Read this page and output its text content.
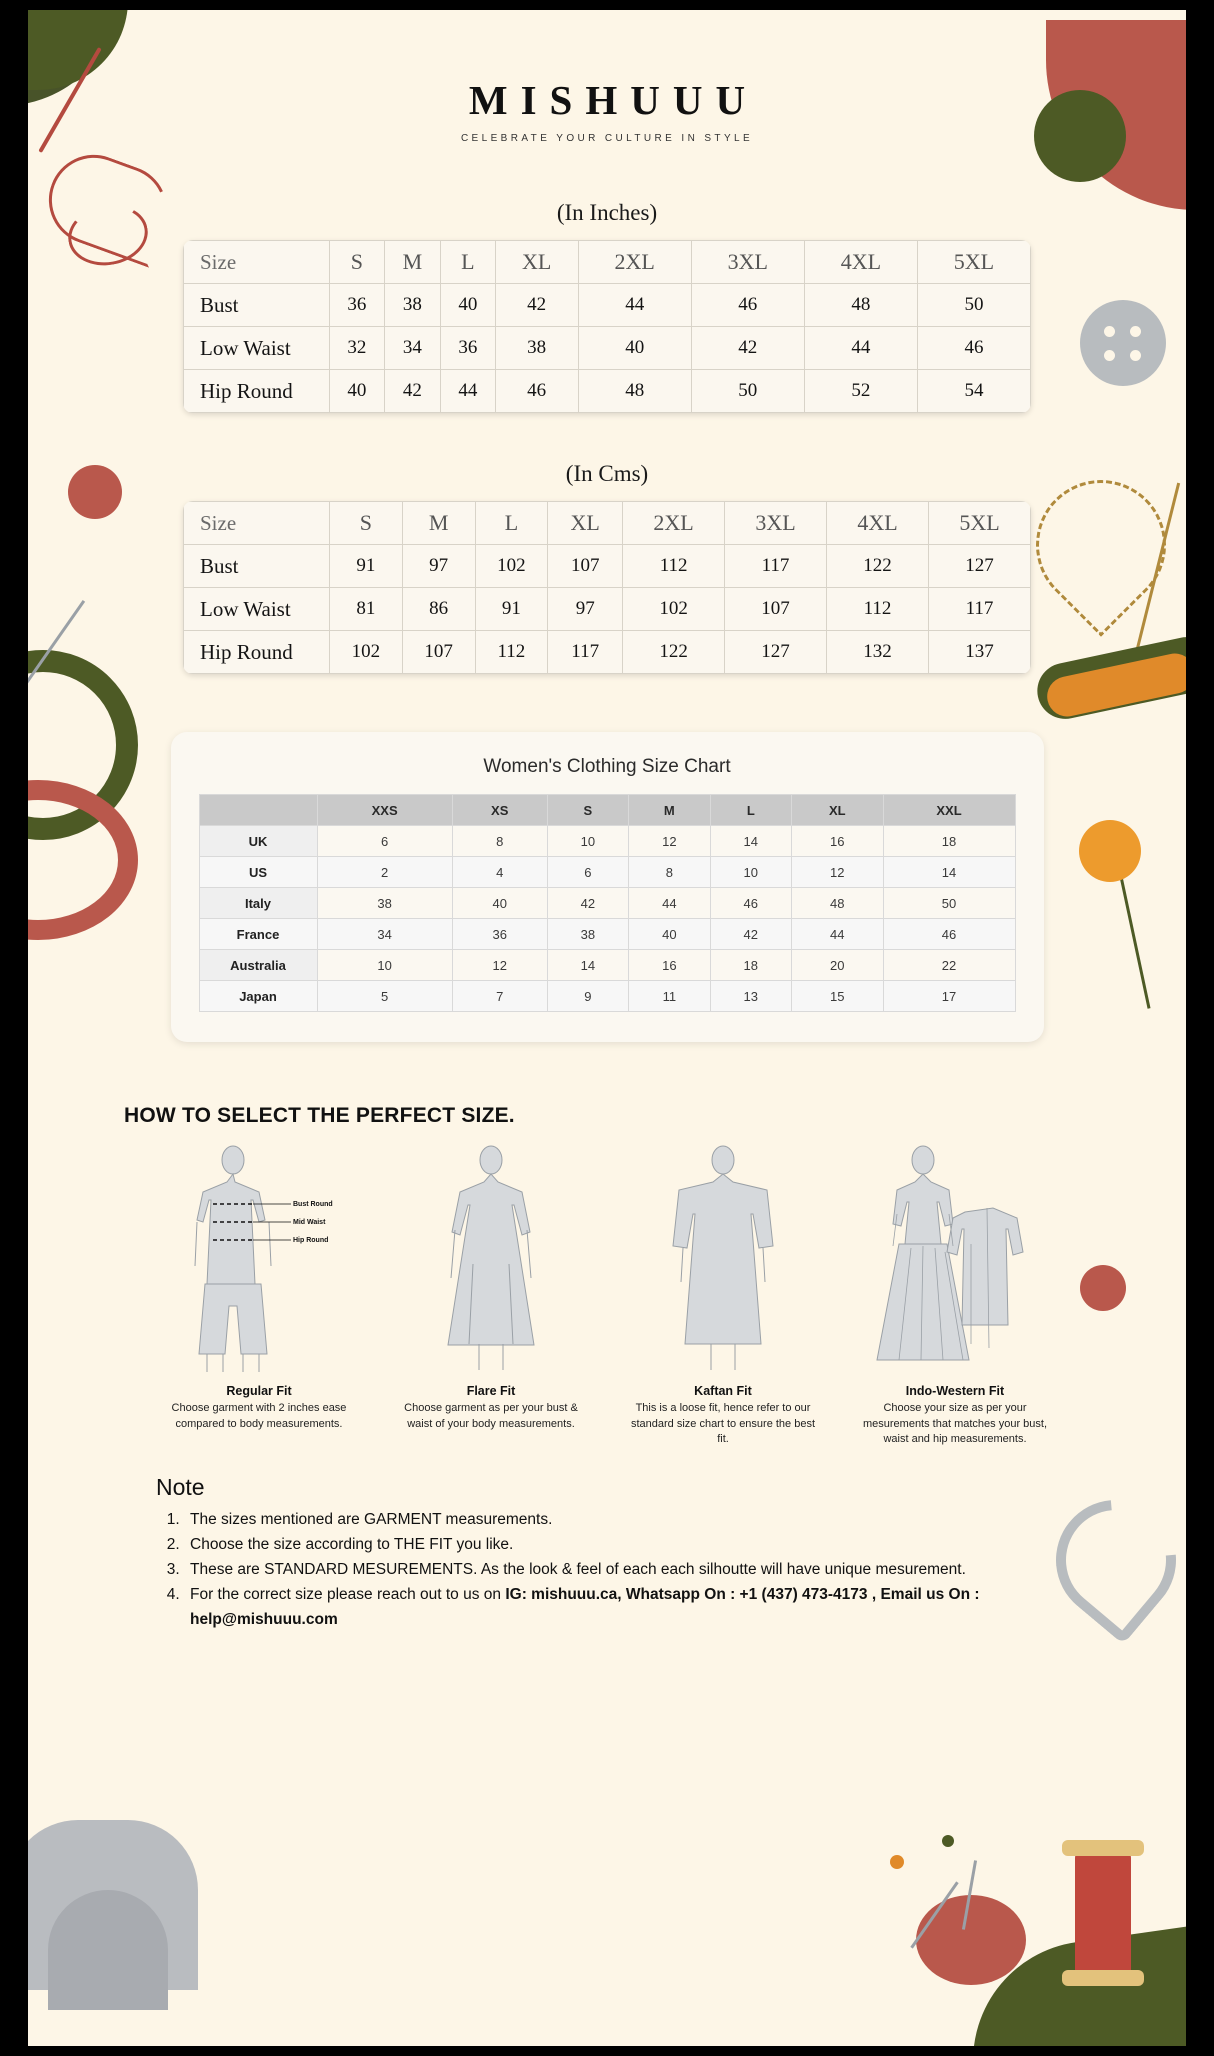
MISHUUU
CELEBRATE YOUR CULTURE IN STYLE
(In Inches)
Size	S	M	L	XL	2XL	3XL	4XL	5XL
Bust	36	38	40	42	44	46	48	50
Low Waist	32	34	36	38	40	42	44	46
Hip Round	40	42	44	46	48	50	52	54
(In Cms)
Size	S	M	L	XL	2XL	3XL	4XL	5XL
Bust	91	97	102	107	112	117	122	127
Low Waist	81	86	91	97	102	107	112	117
Hip Round	102	107	112	117	122	127	132	137
Women's Clothing Size Chart
	XXS	XS	S	M	L	XL	XXL
UK	6	8	10	12	14	16	18
US	2	4	6	8	10	12	14
Italy	38	40	42	44	46	48	50
France	34	36	38	40	42	44	46
Australia	10	12	14	16	18	20	22
Japan	5	7	9	11	13	15	17
HOW TO SELECT THE PERFECT SIZE.
Bust Round
Mid Waist
Hip Round
Regular Fit
Choose garment with 2 inches ease compared to body measurements.
Flare Fit
Choose garment as per your bust & waist of your body measurements.
Kaftan Fit
This is a loose fit, hence refer to our standard size chart to ensure the best fit.
Indo-Western Fit
Choose your size as per your mesurements that matches your bust, waist and hip measurements.
Note
1. The sizes mentioned are GARMENT measurements.
2. Choose the size according to THE FIT you like.
3. These are STANDARD MESUREMENTS. As the look & feel of each each silhoutte will have unique mesurement.
4. For the correct size please reach out to us on IG: mishuuu.ca, Whatsapp On : +1 (437) 473-4173 , Email us On : help@mishuuu.com
